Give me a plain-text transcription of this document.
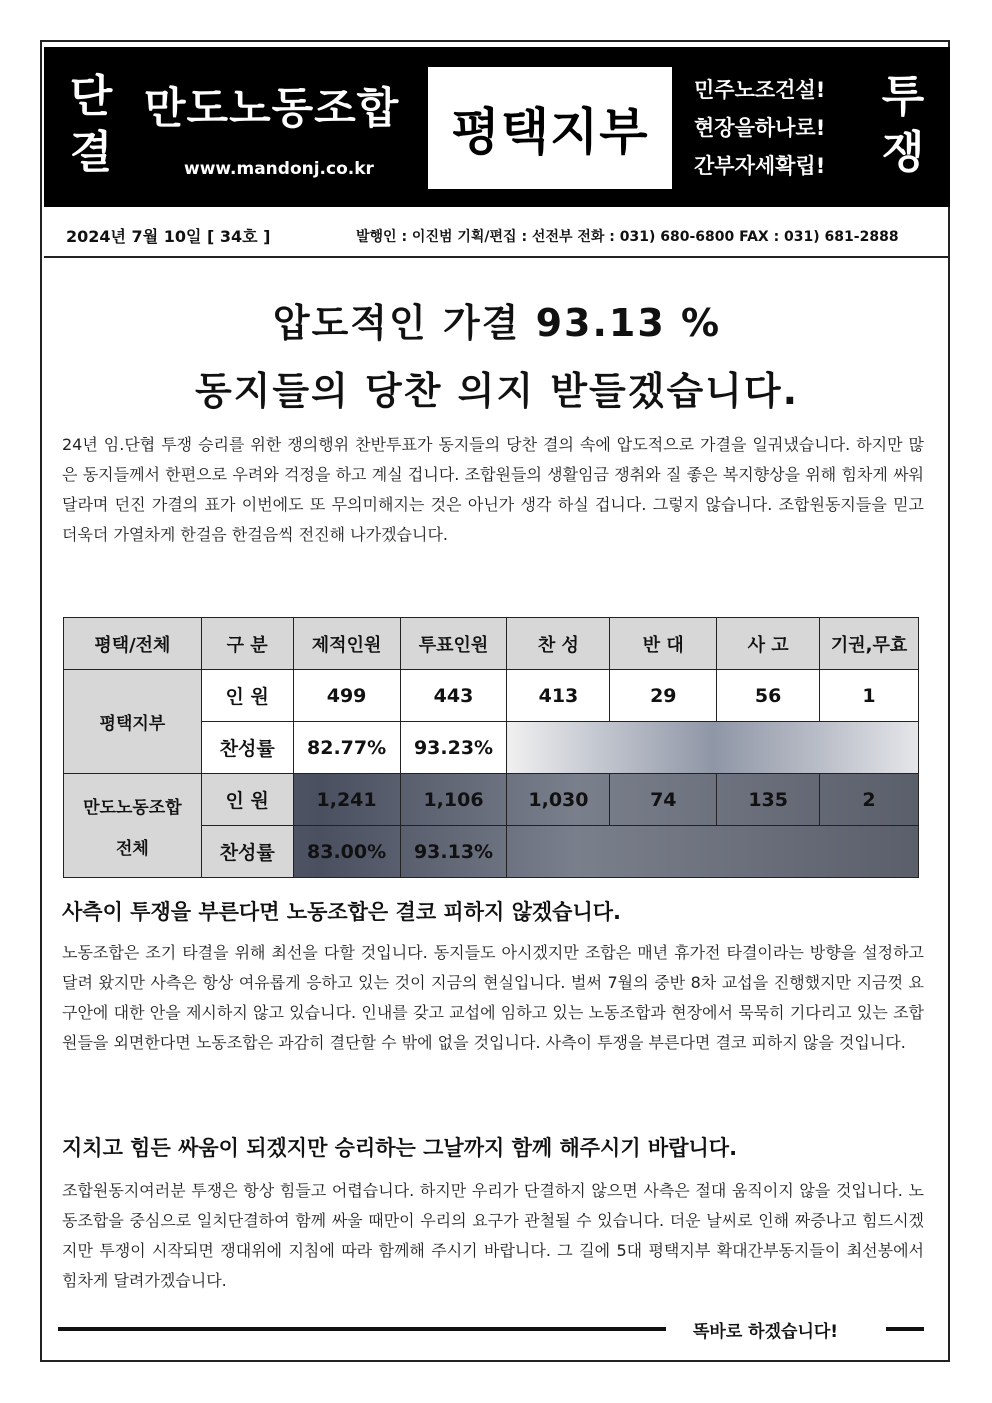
단
결
만도노동조합
www.mandonj.co.kr
평택지부
민주노조건설!
현장을하나로!
간부자세확립!
투
쟁
2024년 7월 10일 [ 34호 ]	발행인 : 이진범 기획/편집 : 선전부 전화 : 031) 680-6800 FAX : 031) 681-2888
압도적인 가결 93.13 %
동지들의 당찬 의지 받들겠습니다.
24년 임.단협 투쟁 승리를 위한 쟁의행위 찬반투표가 동지들의 당찬 결의 속에 압도적으로 가결을 일궈냈습니다. 하지만 많은 동지들께서 한편으로 우려와 걱정을 하고 계실 겁니다. 조합원들의 생활임금 쟁취와 질 좋은 복지향상을 위해 힘차게 싸워달라며 던진 가결의 표가 이번에도 또 무의미해지는 것은 아닌가 생각 하실 겁니다. 그렇지 않습니다. 조합원동지들을 믿고 더욱더 가열차게 한걸음 한걸음씩 전진해 나가겠습니다.
평택/전체	구 분	제적인원	투표인원	찬 성	반 대	사 고	기권,무효
평택지부	인 원	499	443	413	29	56	1
	찬성률	82.77%	93.23%				

만도노동조합
전체	인 원	1,241	1,106	1,030	74	135	2
	찬성률	83.00%	93.13%				
사측이 투쟁을 부른다면 노동조합은 결코 피하지 않겠습니다.
노동조합은 조기 타결을 위해 최선을 다할 것입니다. 동지들도 아시겠지만 조합은 매년 휴가전 타결이라는 방향을 설정하고 달려 왔지만 사측은 항상 여유롭게 응하고 있는 것이 지금의 현실입니다. 벌써 7월의 중반 8차 교섭을 진행했지만 지금껏 요구안에 대한 안을 제시하지 않고 있습니다. 인내를 갖고 교섭에 임하고 있는 노동조합과 현장에서 묵묵히 기다리고 있는 조합원들을 외면한다면 노동조합은 과감히 결단할 수 밖에 없을 것입니다. 사측이 투쟁을 부른다면 결코 피하지 않을 것입니다.
지치고 힘든 싸움이 되겠지만 승리하는 그날까지 함께 해주시기 바랍니다.
조합원동지여러분 투쟁은 항상 힘들고 어렵습니다. 하지만 우리가 단결하지 않으면 사측은 절대 움직이지 않을 것입니다. 노동조합을 중심으로 일치단결하여 함께 싸울 때만이 우리의 요구가 관철될 수 있습니다. 더운 날씨로 인해 짜증나고 힘드시겠지만 투쟁이 시작되면 쟁대위에 지침에 따라 함께해 주시기 바랍니다. 그 길에 5대 평택지부 확대간부동지들이 최선봉에서 힘차게 달려가겠습니다.
똑바로 하겠습니다!
